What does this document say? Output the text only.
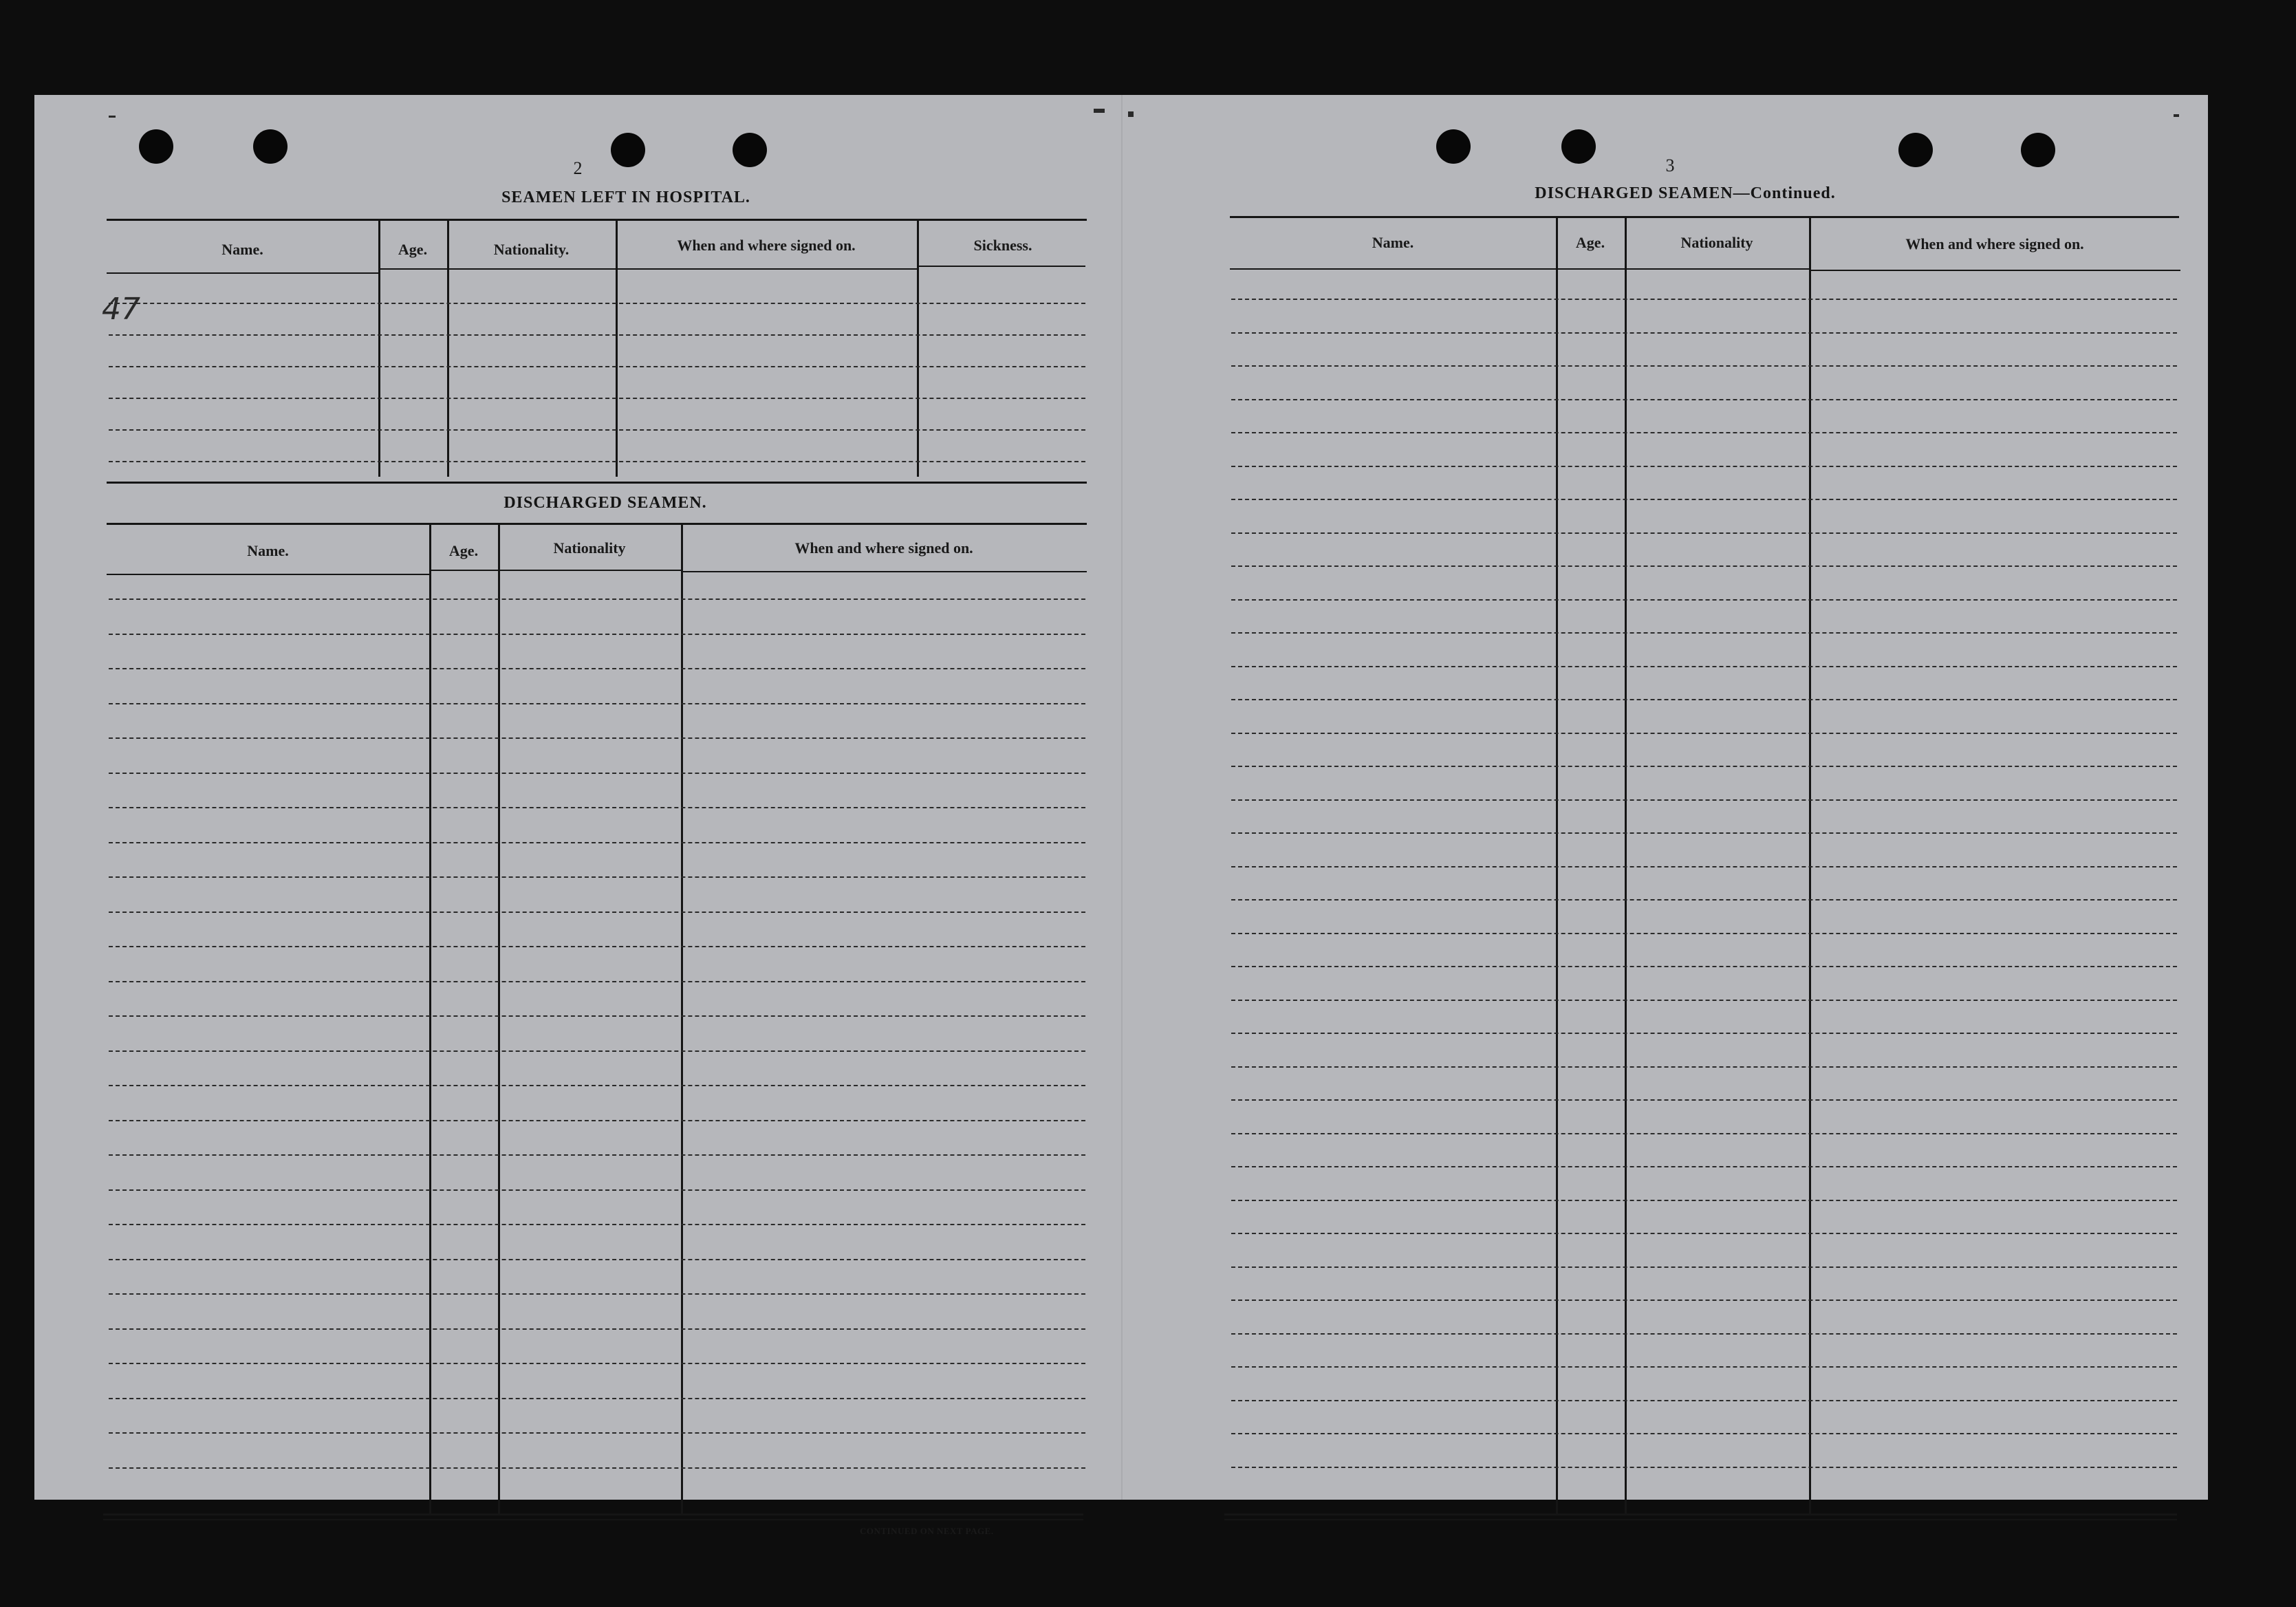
2
SEAMEN LEFT IN HOSPITAL.
Name.	Age.	Nationality.	When and where signed on.	Sickness.
47
DISCHARGED SEAMEN.
Name.	Age.	Nationality	When and where signed on.
CONTINUED ON NEXT PAGE.
3
DISCHARGED SEAMEN—Continued.
Name.	Age.	Nationality	When and where signed on.
